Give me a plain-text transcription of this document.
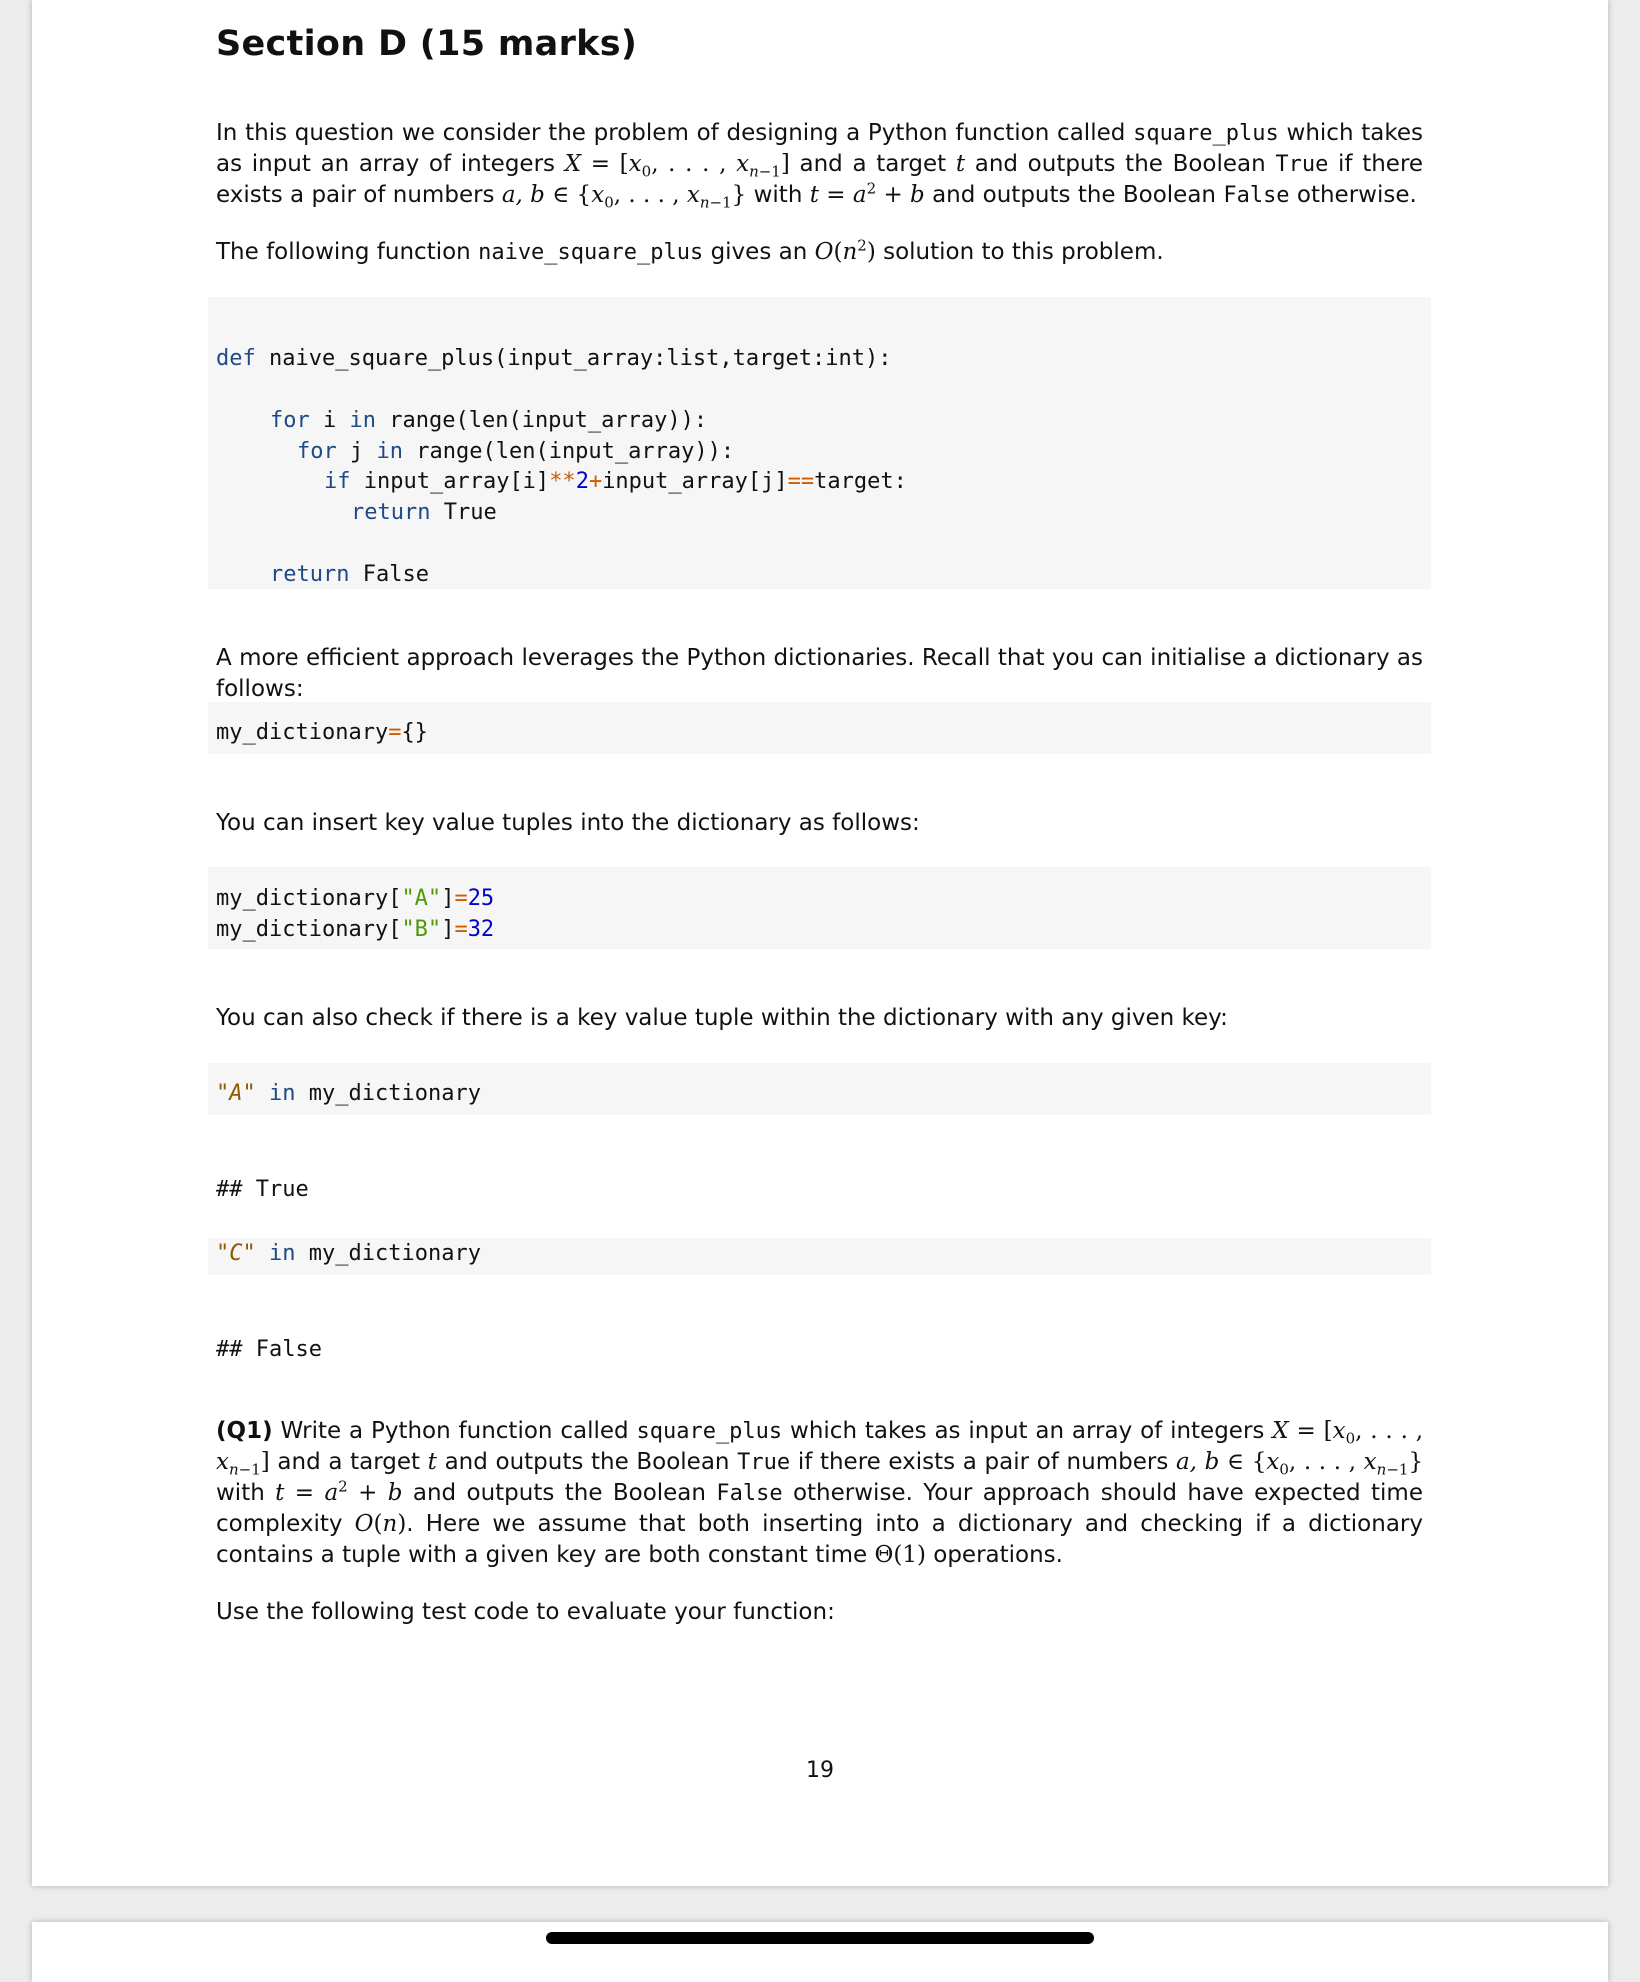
Section D (15 marks)
In this question we consider the problem of designing a Python function called square_plus which takes as input an array of integers $X = [x_0$, . . . , $x_{n-1}$] and a target t and outputs the Boolean True if there exists a pair of numbers a, b ∈ {$x_0$, . . . , $x_{n-1}$} with $t = a^2 + b$ and outputs the Boolean False otherwise.
The following function naive_square_plus gives an $O(n^2)$ solution to this problem.
def naive_square_plus(input_array:list,target:int):
for i in range(len(input_array)):
for j in range(len(input_array)):
if input_array[i]**2+input_array[j]==target:
return True
return False
A more efficient approach leverages the Python dictionaries. Recall that you can initialise a dictionary as follows:
my_dictionary={}
You can insert key value tuples into the dictionary as follows:
my_dictionary["A"]=25
my_dictionary["B"]=32
You can also check if there is a key value tuple within the dictionary with any given key:
"A" in my_dictionary
## True
"C" in my_dictionary
## False
(Q1) Write a Python function called square_plus which takes as input an array of integers $X = [x_0$, . . . , $x_{n-1}$] and a target t and outputs the Boolean True if there exists a pair of numbers a, b ∈ {$x_0$, . . . , $x_{n-1}$} with $t = a^2 + b$ and outputs the Boolean False otherwise. Your approach should have expected time complexity O(n). Here we assume that both inserting into a dictionary and checking if a dictionary contains a tuple with a given key are both constant time Θ(1) operations.
Use the following test code to evaluate your function:
19
